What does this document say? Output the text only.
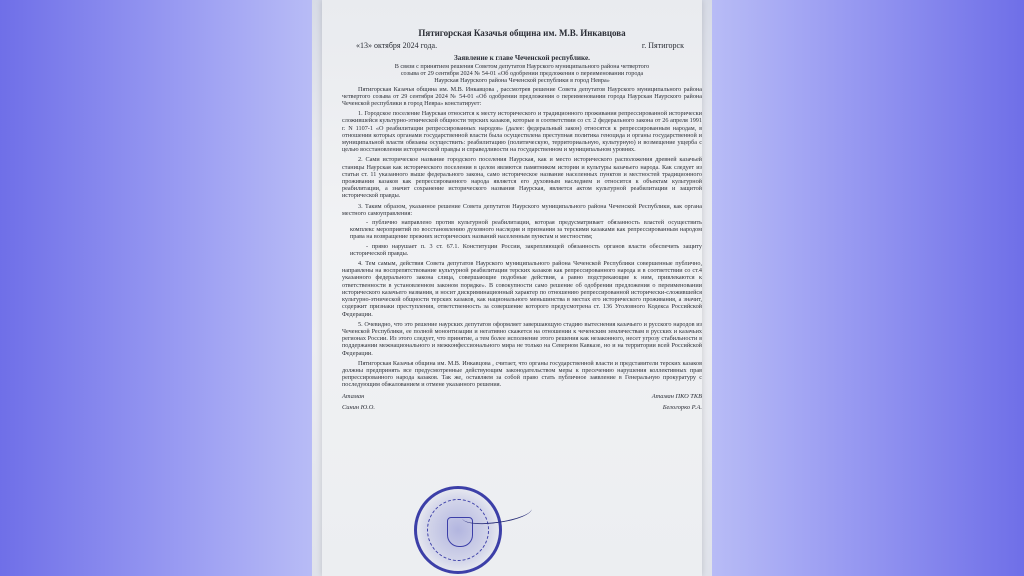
Пятигорская Казачья община им. М.В. Инкавцова
«13» октября 2024 года.	г. Пятигорск
Заявление к главе Чеченской республике.

В связи с принятием решения Советом депутатов Наурского муниципального района четвертого

созыва от 29 сентября 2024 № 54-01 «Об одобрении предложения о переименовании города

Наурская Наурского района Чеченской республики в город Невра»

Пятигорская Казачья община им. М.В. Инкавцова , рассмотрев решение Совета депутатов Наурского муниципального района четвертого созыва от 29 сентября 2024 № 54-01 «Об одобрении предложения о переименовании города Наурская Наурского района Чеченской республики в город Невра» констатирует:

1. Городское поселение Наурская относится к месту исторического и традиционного проживания репрессированной исторически сложившейся культурно-этнической общности терских казаков, которые в соответствии со ст. 2 федерального закона от 26 апреля 1991 г. N 1107-1 «О реабилитации репрессированных народов» (далее: федеральный закон) относятся к репрессированным народам, в отношении которых органами государственной власти была осуществлена преступная политика геноцида и органы государственной и муниципальной власти обязаны осуществить: реабилитацию (политическую, территориальную, культурную) и возмещение ущерба с целью восстановления исторической правды и справедливости на государственном и муниципальном уровнях.

2. Сами историческое название городского поселения Наурская, как и место исторического расположения древней казачьей станицы Наурская как исторического поселения в целом являются памятником истории и культуры казачьего народа. Как следует из статьи ст. 11 указанного выше федерального закона, само историческое название населенных пунктов и местностей традиционного проживания казаков как репрессированного народа является его духовным наследием и относится к объектам культурной реабилитации, а значит сохранение исторического названия Наурская, является актом культурной реабилитации и защитой исторической правды.

3. Таким образом, указанное решение Совета депутатов Наурского муниципального района Чеченской Республики, как органа местного самоуправления:

- публично направлено против культурной реабилитации, которая предусматривает обязанность властей осуществить комплекс мероприятий по восстановлению духовного наследия и признания за терскими казаками как репрессированным народом права на возвращение прежних исторических названий населенным пунктам и местностям;

- прямо нарушает п. 3 ст. 67.1. Конституции России, закрепляющей обязанность органов власти обеспечить защиту исторической правды.

4. Тем самым, действия Совета депутатов Наурского муниципального района Чеченской Республики совершенные публично, направлены на воспрепятствование культурной реабилитации терских казаков как репрессированного народа и в соответствии со ст.4 указанного федерального закона слица, совершающие подобные действия, а равно подстрекающие к ним, привлекаются к ответственности в установленном законом порядке». В совокупности само решение об одобрении предложения о переименовании исторического казачьего названия, и носит дискриминационный характер по отношению репрессированной исторически-сложившейся культурно-этнической общности терских казаков, как национального меньшинства в местах его исторического проживания, а значит, содержит признаки преступления, ответственность за совершение которого предусмотрена ст. 136 Уголовного Кодекса Российской Федерации.

5. Очевидно, что это решение наурских депутатов оформляет завершающую стадию вытеснения казачьего и русского народов из Чеченской Республики, ее полной мононтизации и негативно скажется на отношении к чеченским землячествам в русских и казачьих регионах России. Из этого следует, что принятие, а тем более исполнение этого решения как незаконного, несет угрозу стабильности в поддержании межнационального и межконфессионального мира не только на Северном Кавказе, но и на территории всей Российской Федерации.

Пятигорская Казачья община им. М.В. Инкавцова , считает, что органы государственной власти и представители терских казаков должны предпринять все предусмотренные действующим законодательством меры к пресечению нарушения коллективных прав репрессированного народа казаков. Так же, оставляем за собой право стать публичное заявление в Генеральную прокуратуру с последующим обжалованием и отмене указанного решения.

Атаман	Атаман ПКО ТКВ
Синин Ю.О.	Белогорко Р.А.
